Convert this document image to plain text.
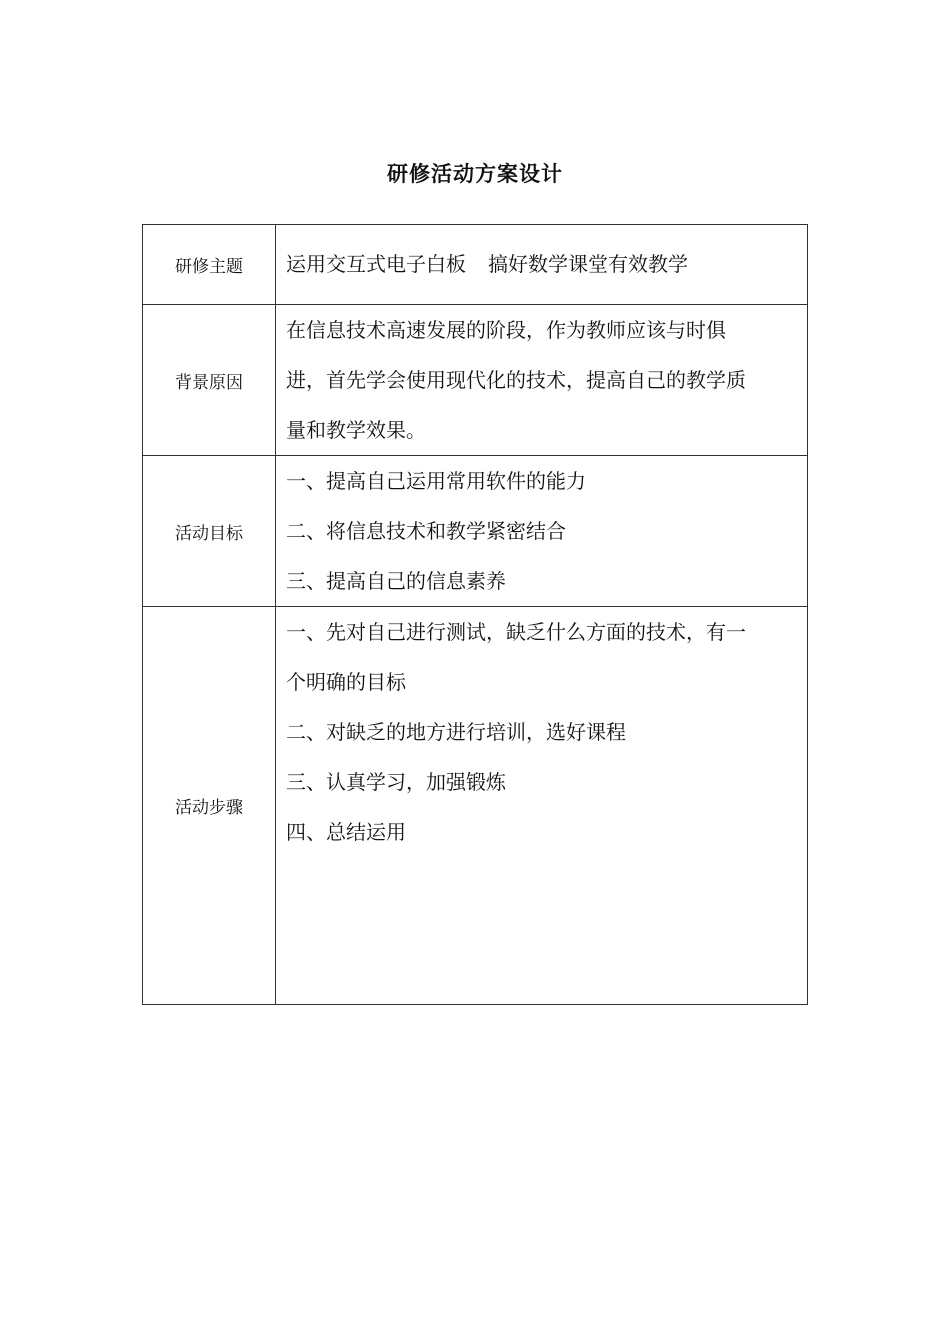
研修活动方案设计
研修主题	运用交互式电子白板 搞好数学课堂有效教学

背景原因	在信息技术高速发展的阶段，作为教师应该与时俱
进，首先学会使用现代化的技术，提高自己的教学质
量和教学效果。

活动目标	一、提高自己运用常用软件的能力
二、将信息技术和教学紧密结合
三、提高自己的信息素养

活动步骤	一、先对自己进行测试，缺乏什么方面的技术，有一
个明确的目标
二、对缺乏的地方进行培训，选好课程
三、认真学习，加强锻炼
四、总结运用
